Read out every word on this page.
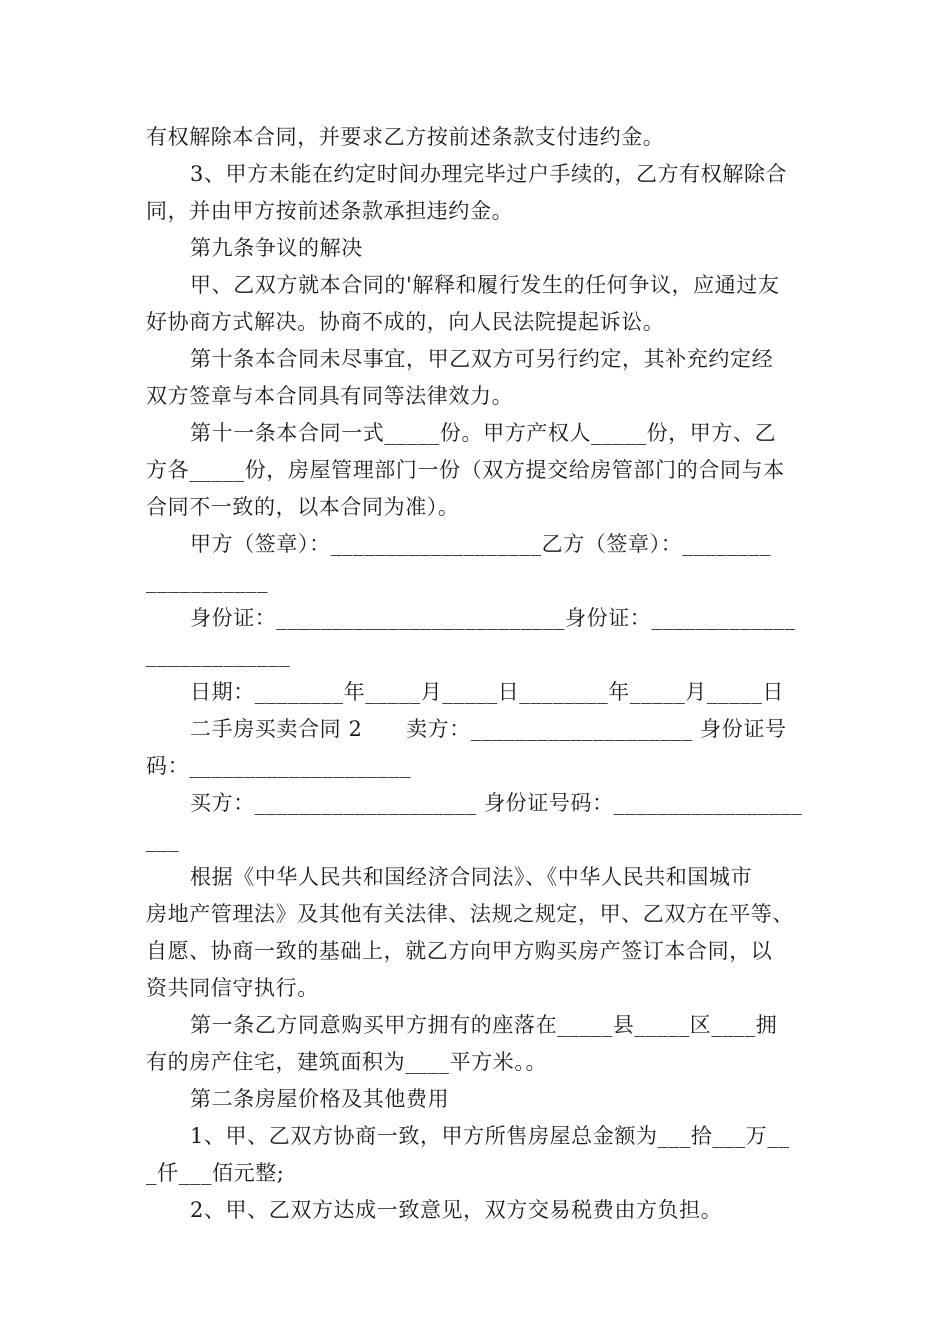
有权解除本合同，并要求乙方按前述条款支付违约金。
3、甲方未能在约定时间办理完毕过户手续的，乙方有权解除合
同，并由甲方按前述条款承担违约金。
第九条争议的解决
甲、乙双方就本合同的'解释和履行发生的任何争议，应通过友
好协商方式解决。协商不成的，向人民法院提起诉讼。
第十条本合同未尽事宜，甲乙双方可另行约定，其补充约定经
双方签章与本合同具有同等法律效力。
第十一条本合同一式_____份。甲方产权人_____份，甲方、乙
方各_____份，房屋管理部门一份（双方提交给房管部门的合同与本
合同不一致的，以本合同为准）。
甲方（签章）：___________________乙方（签章）：________
___________
身份证：__________________________身份证：_____________
_____________
日期：________年_____月_____日________年_____月_____日
二手房买卖合同 2      卖方：____________________ 身份证号
码：____________________
买方：____________________ 身份证号码：_________________
___
根据《中华人民共和国经济合同法》、《中华人民共和国城市
房地产管理法》及其他有关法律、法规之规定，甲、乙双方在平等、
自愿、协商一致的基础上，就乙方向甲方购买房产签订本合同，以
资共同信守执行。
第一条乙方同意购买甲方拥有的座落在_____县_____区____拥
有的房产住宅，建筑面积为____平方米。。
第二条房屋价格及其他费用
1、甲、乙双方协商一致，甲方所售房屋总金额为___拾___万__
_仟___佰元整;
2、甲、乙双方达成一致意见，双方交易税费由方负担。
